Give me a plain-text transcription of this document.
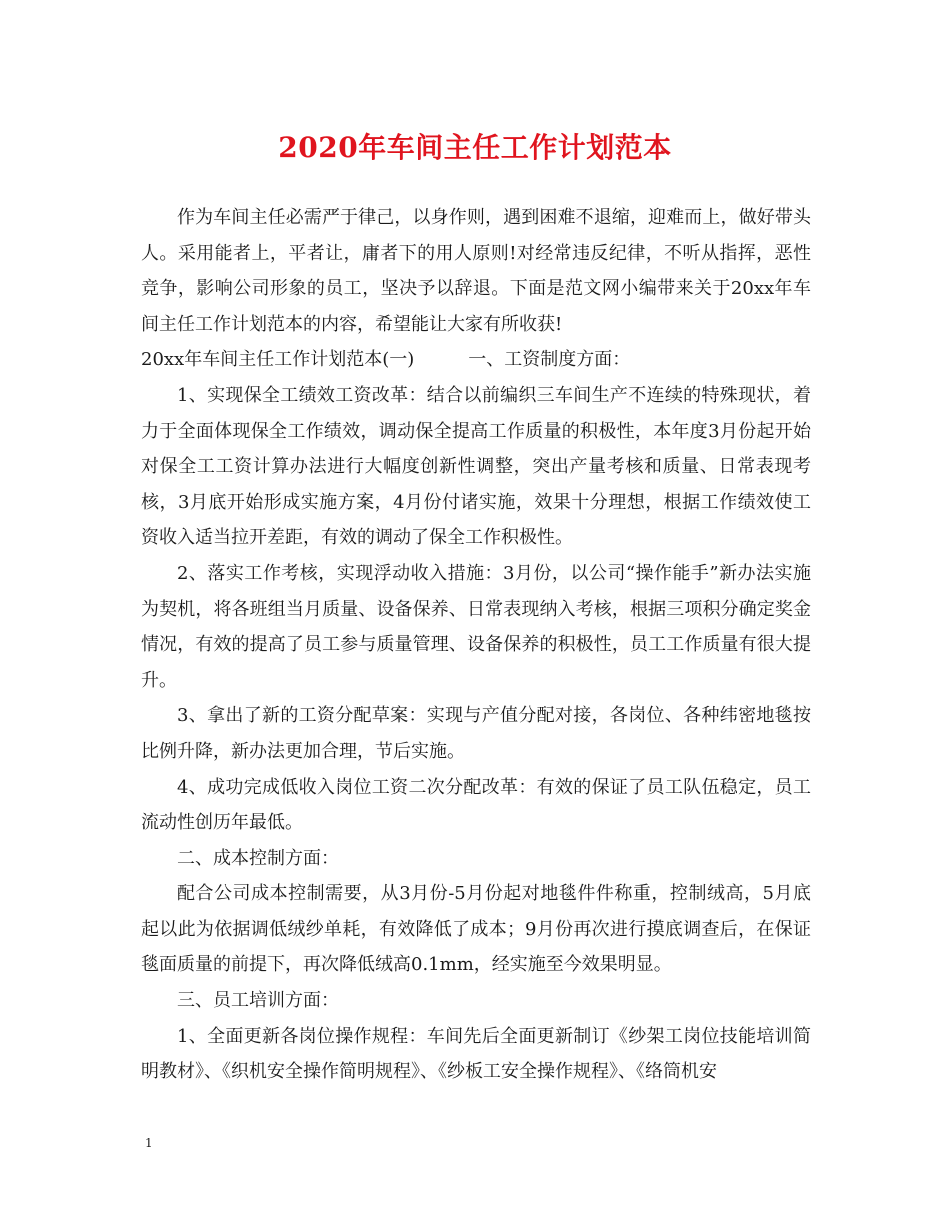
2020年车间主任工作计划范本

作为车间主任必需严于律己，以身作则，遇到困难不退缩，迎难而上，做好带头人。采用能者上，平者让，庸者下的用人原则!对经常违反纪律，不听从指挥，恶性竞争，影响公司形象的员工，坚决予以辞退。下面是范文网小编带来关于20xx年车间主任工作计划范本的内容，希望能让大家有所收获!

20xx年车间主任工作计划范本(一)　　　一、工资制度方面：

1、实现保全工绩效工资改革：结合以前编织三车间生产不连续的特殊现状，着力于全面体现保全工作绩效，调动保全提高工作质量的积极性，本年度3月份起开始对保全工工资计算办法进行大幅度创新性调整，突出产量考核和质量、日常表现考核，3月底开始形成实施方案，4月份付诸实施，效果十分理想，根据工作绩效使工资收入适当拉开差距，有效的调动了保全工作积极性。

2、落实工作考核，实现浮动收入措施：3月份，以公司“操作能手”新办法实施为契机，将各班组当月质量、设备保养、日常表现纳入考核，根据三项积分确定奖金情况，有效的提高了员工参与质量管理、设备保养的积极性，员工工作质量有很大提升。

3、拿出了新的工资分配草案：实现与产值分配对接，各岗位、各种纬密地毯按比例升降，新办法更加合理，节后实施。

4、成功完成低收入岗位工资二次分配改革：有效的保证了员工队伍稳定，员工流动性创历年最低。

二、成本控制方面：

配合公司成本控制需要，从3月份-5月份起对地毯件件称重，控制绒高，5月底起以此为依据调低绒纱单耗，有效降低了成本；9月份再次进行摸底调查后，在保证毯面质量的前提下，再次降低绒高0.1mm，经实施至今效果明显。

三、员工培训方面：

1、全面更新各岗位操作规程：车间先后全面更新制订《纱架工岗位技能培训简明教材》、《织机安全操作简明规程》、《纱板工安全操作规程》、《络筒机安

1
